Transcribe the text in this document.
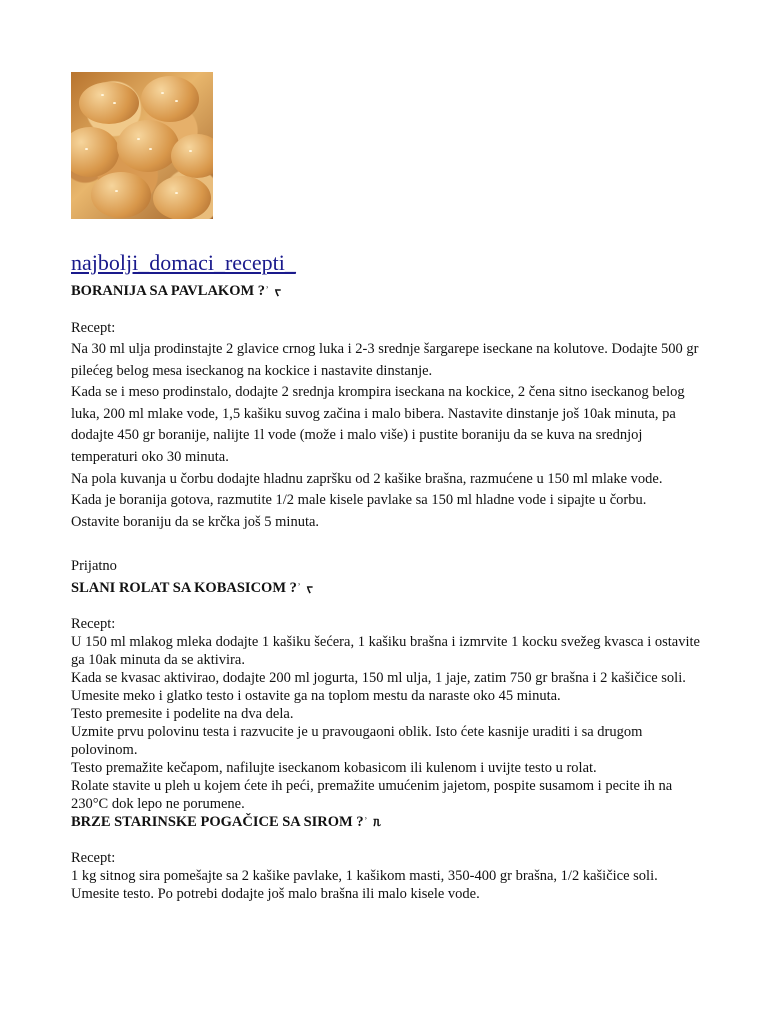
najbolji_domaci_recepti_
BORANIJA SA PAVLAKOM ?ʾ ᡪ
Recept:
Na 30 ml ulja prodinstajte 2 glavice crnog luka i 2-3 srednje šargarepe iseckane na kolutove. Dodajte 500 gr pilećeg belog mesa iseckanog na kockice i nastavite dinstanje.
Kada se i meso prodinstalo, dodajte 2 srednja krompira iseckana na kockice, 2 čena sitno iseckanog belog luka, 200 ml mlake vode, 1,5 kašiku suvog začina i malo bibera. Nastavite dinstanje još 10ak minuta, pa dodajte 450 gr boranije, nalijte 1l vode (može i malo više) i pustite boraniju da se kuva na srednjoj temperaturi oko 30 minuta.
Na pola kuvanja u čorbu dodajte hladnu zapršku od 2 kašike brašna, razmućene u 150 ml mlake vode.
Kada je boranija gotova, razmutite 1/2 male kisele pavlake sa 150 ml hladne vode i sipajte u čorbu.
Ostavite boraniju da se krčka još 5 minuta.
Prijatno
SLANI ROLAT SA KOBASICOM ?ʾ ᡪ
Recept:
U 150 ml mlakog mleka dodajte 1 kašiku šećera, 1 kašiku brašna i izmrvite 1 kocku svežeg kvasca i ostavite ga 10ak minuta da se aktivira.
Kada se kvasac aktivirao, dodajte 200 ml jogurta, 150 ml ulja, 1 jaje, zatim 750 gr brašna i 2 kašičice soli.
Umesite meko i glatko testo i ostavite ga na toplom mestu da naraste oko 45 minuta.
Testo premesite i podelite na dva dela.
Uzmite prvu polovinu testa i razvucite je u pravougaoni oblik. Isto ćete kasnije uraditi i sa drugom polovinom.
Testo premažite kečapom, nafilujte iseckanom kobasicom ili kulenom i uvijte testo u rolat.
Rolate stavite u pleh u kojem ćete ih peći, premažite umućenim jajetom, pospite susamom i pecite ih na 230°C dok lepo ne porumene.
BRZE STARINSKE POGAČICE SA SIROM ?ʾ ᥰ
Recept:
1 kg sitnog sira pomešajte sa 2 kašike pavlake, 1 kašikom masti, 350-400 gr brašna, 1/2 kašičice soli.
Umesite testo. Po potrebi dodajte još malo brašna ili malo kisele vode.
